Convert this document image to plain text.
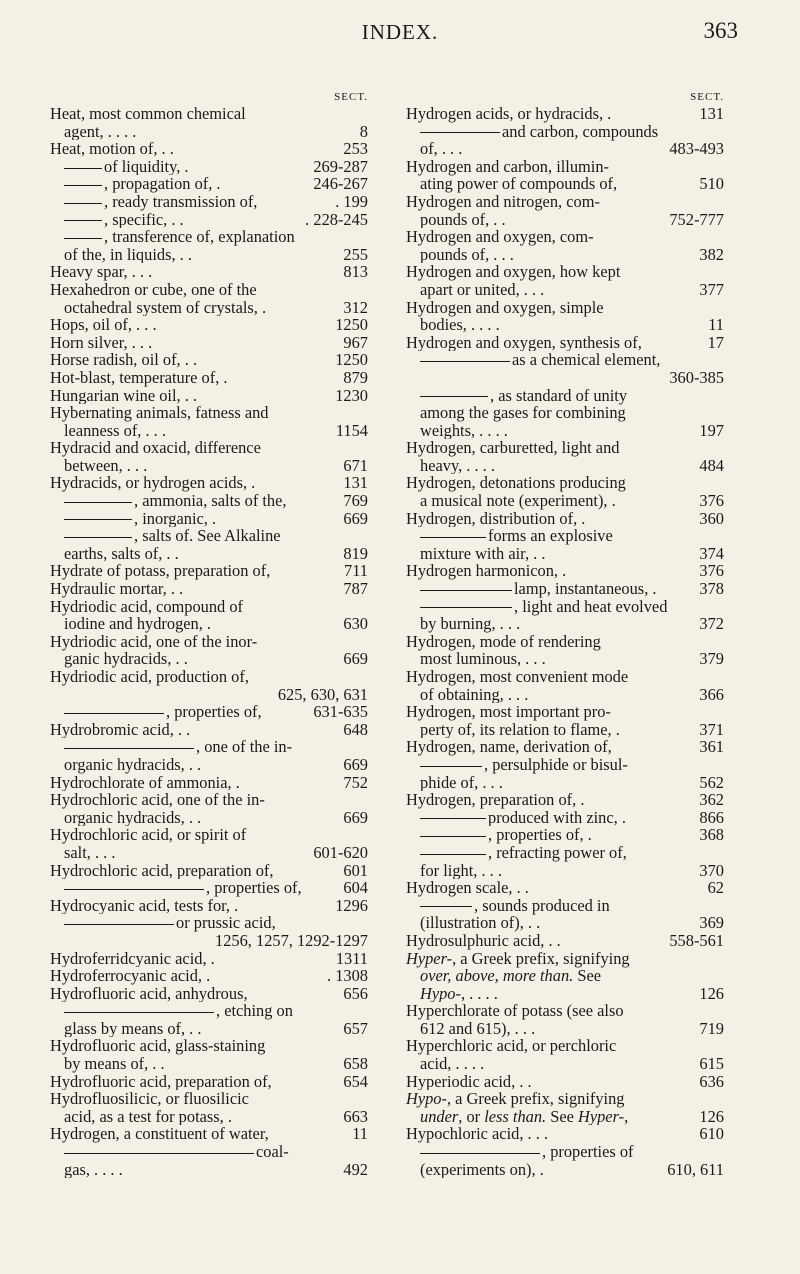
INDEX.	363
SECT.
Heat, most common chemical
agent, . . . .	8
Heat, motion of, . .	253
of liquidity, .	269-287
, propagation of, .	246-267
, ready transmission of,	. 199
, specific, . .	. 228-245
, transference of, explanation
of the, in liquids, . .	255
Heavy spar, . . .	813
Hexahedron or cube, one of the
octahedral system of crystals, .	312
Hops, oil of, . . .	1250
Horn silver, . . .	967
Horse radish, oil of, . .	1250
Hot-blast, temperature of, .	879
Hungarian wine oil, . .	1230
Hybernating animals, fatness and
leanness of, . . .	1154
Hydracid and oxacid, difference
between, . . .	671
Hydracids, or hydrogen acids, .	131
, ammonia, salts of the,	769
, inorganic, .	669
, salts of. See Alkaline
earths, salts of, . .	819
Hydrate of potass, preparation of,	711
Hydraulic mortar, . .	787
Hydriodic acid, compound of
iodine and hydrogen, .	630
Hydriodic acid, one of the inor-
ganic hydracids, . .	669
Hydriodic acid, production of,
625, 630, 631
, properties of,	631-635
Hydrobromic acid, . .	648
, one of the in-
organic hydracids, . .	669
Hydrochlorate of ammonia, .	752
Hydrochloric acid, one of the in-
organic hydracids, . .	669
Hydrochloric acid, or spirit of
salt, . . .	601-620
Hydrochloric acid, preparation of,	601
, properties of,	604
Hydrocyanic acid, tests for, .	1296
or prussic acid,
1256, 1257, 1292-1297
Hydroferridcyanic acid, .	1311
Hydroferrocyanic acid, .	. 1308
Hydrofluoric acid, anhydrous,	656
, etching on
glass by means of, . .	657
Hydrofluoric acid, glass-staining
by means of, . .	658
Hydrofluoric acid, preparation of,	654
Hydrofluosilicic, or fluosilicic
acid, as a test for potass, .	663
Hydrogen, a constituent of water,	11
coal-
gas, . . . .	492
SECT.
Hydrogen acids, or hydracids, .	131
and carbon, compounds
of, . . .	483-493
Hydrogen and carbon, illumin-
ating power of compounds of,	510
Hydrogen and nitrogen, com-
pounds of, . .	752-777
Hydrogen and oxygen, com-
pounds of, . . .	382
Hydrogen and oxygen, how kept
apart or united, . . .	377
Hydrogen and oxygen, simple
bodies, . . . .	11
Hydrogen and oxygen, synthesis of,	17
as a chemical element,
360-385
, as standard of unity
among the gases for combining
weights, . . . .	197
Hydrogen, carburetted, light and
heavy, . . . .	484
Hydrogen, detonations producing
a musical note (experiment), .	376
Hydrogen, distribution of, .	360
forms an explosive
mixture with air, . .	374
Hydrogen harmonicon, .	376
lamp, instantaneous, .	378
, light and heat evolved
by burning, . . .	372
Hydrogen, mode of rendering
most luminous, . . .	379
Hydrogen, most convenient mode
of obtaining, . . .	366
Hydrogen, most important pro-
perty of, its relation to flame, .	371
Hydrogen, name, derivation of,	361
, persulphide or bisul-
phide of, . . .	562
Hydrogen, preparation of, .	362
produced with zinc, .	866
, properties of, .	368
, refracting power of,
for light, . . .	370
Hydrogen scale, . .	62
, sounds produced in
(illustration of), . .	369
Hydrosulphuric acid, . .	558-561
Hyper-, a Greek prefix, signifying
over, above, more than. See
Hypo-, . . . .	126
Hyperchlorate of potass (see also
612 and 615), . . .	719
Hyperchloric acid, or perchloric
acid, . . . .	615
Hyperiodic acid, . .	636
Hypo-, a Greek prefix, signifying
under, or less than. See Hyper-,	126
Hypochloric acid, . . .	610
, properties of
(experiments on), .	610, 611
